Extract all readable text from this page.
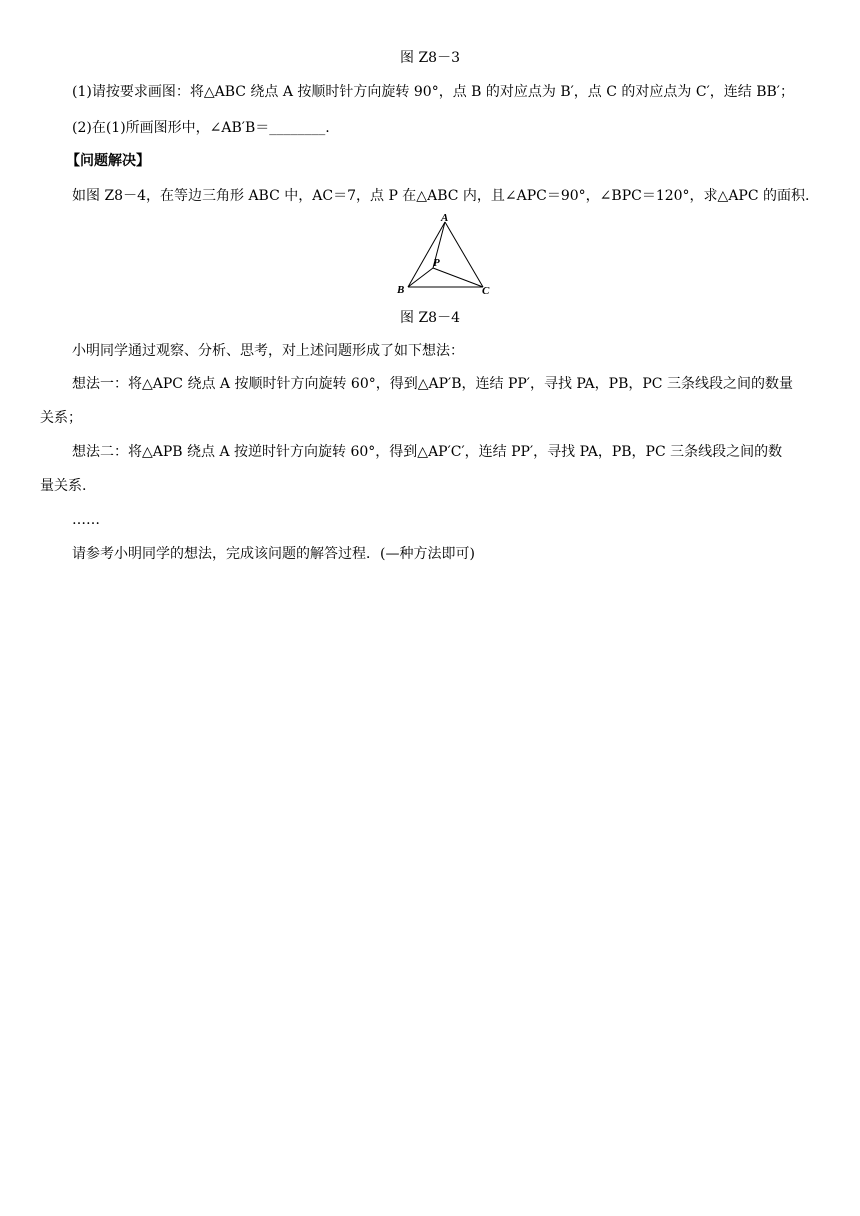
图 Z8－3
(1)请按要求画图：将△ABC 绕点 A 按顺时针方向旋转 90°，点 B 的对应点为 B′，点 C 的对应点为 C′，连结 BB′；
(2)在(1)所画图形中，∠AB′B＝________.
【问题解决】
如图 Z8－4，在等边三角形 ABC 中，AC＝7，点 P 在△ABC 内，且∠APC＝90°，∠BPC＝120°，求△APC 的面积.
A
B	C
P
图 Z8－4
小明同学通过观察、分析、思考，对上述问题形成了如下想法：
想法一：将△APC 绕点 A 按顺时针方向旋转 60°，得到△AP′B，连结 PP′，寻找 PA，PB，PC 三条线段之间的数量
关系；
想法二：将△APB 绕点 A 按逆时针方向旋转 60°，得到△AP′C′，连结 PP′，寻找 PA，PB，PC 三条线段之间的数
量关系.
……
请参考小明同学的想法，完成该问题的解答过程．(—种方法即可)
